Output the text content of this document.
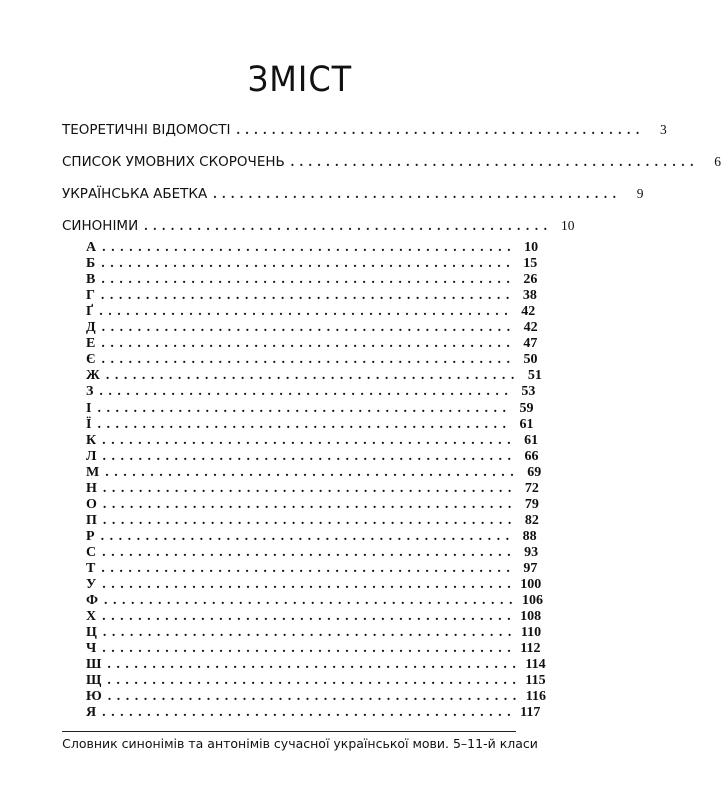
ЗМІСТ
ТЕОРЕТИЧНІ ВІДОМОСТІ ..............................................	3
СПИСОК УМОВНИХ СКОРОЧЕНЬ ..............................................	6
УКРАЇНСЬКА АБЕТКА ..............................................	9
СИНОНІМИ .............................................. 10
А .............................................. 10
Б .............................................. 15
В .............................................. 26
Г .............................................. 38
Ґ .............................................. 42
Д .............................................. 42
Е .............................................. 47
Є .............................................. 50
Ж .............................................. 51
З .............................................. 53
І .............................................. 59
Ї .............................................. 61
К .............................................. 61
Л .............................................. 66
М .............................................. 69
Н .............................................. 72
О .............................................. 79
П .............................................. 82
Р .............................................. 88
С .............................................. 93
Т .............................................. 97
У .............................................. 100
Ф .............................................. 106
Х .............................................. 108
Ц .............................................. 110
Ч .............................................. 112
Ш .............................................. 114
Щ .............................................. 115
Ю .............................................. 116
Я .............................................. 117
Словник синонімів та антонімів сучасної української мови. 5–11-й класи
